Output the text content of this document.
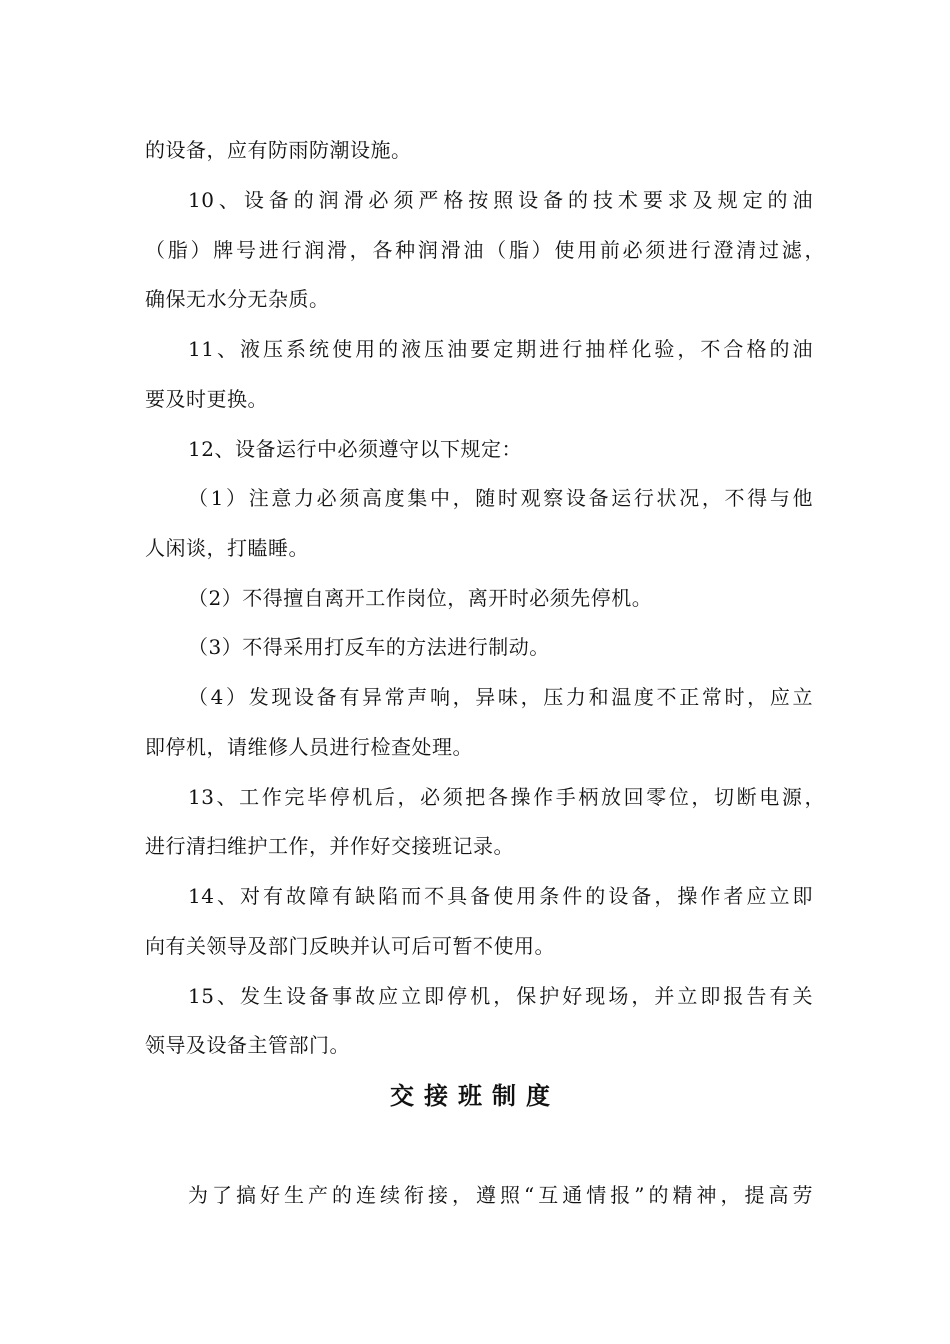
的设备，应有防雨防潮设施。
10、设备的润滑必须严格按照设备的技术要求及规定的油
（脂）牌号进行润滑，各种润滑油（脂）使用前必须进行澄清过滤，
确保无水分无杂质。
11、液压系统使用的液压油要定期进行抽样化验，不合格的油
要及时更换。
12、设备运行中必须遵守以下规定：
（1）注意力必须高度集中，随时观察设备运行状况，不得与他
人闲谈，打瞌睡。
（2）不得擅自离开工作岗位，离开时必须先停机。
（3）不得采用打反车的方法进行制动。
（4）发现设备有异常声响，异味，压力和温度不正常时，应立
即停机，请维修人员进行检查处理。
13、工作完毕停机后，必须把各操作手柄放回零位，切断电源，
进行清扫维护工作，并作好交接班记录。
14、对有故障有缺陷而不具备使用条件的设备，操作者应立即
向有关领导及部门反映并认可后可暂不使用。
15、发生设备事故应立即停机，保护好现场，并立即报告有关
领导及设备主管部门。
交接班制度
为了搞好生产的连续衔接，遵照“互通情报”的精神，提高劳
